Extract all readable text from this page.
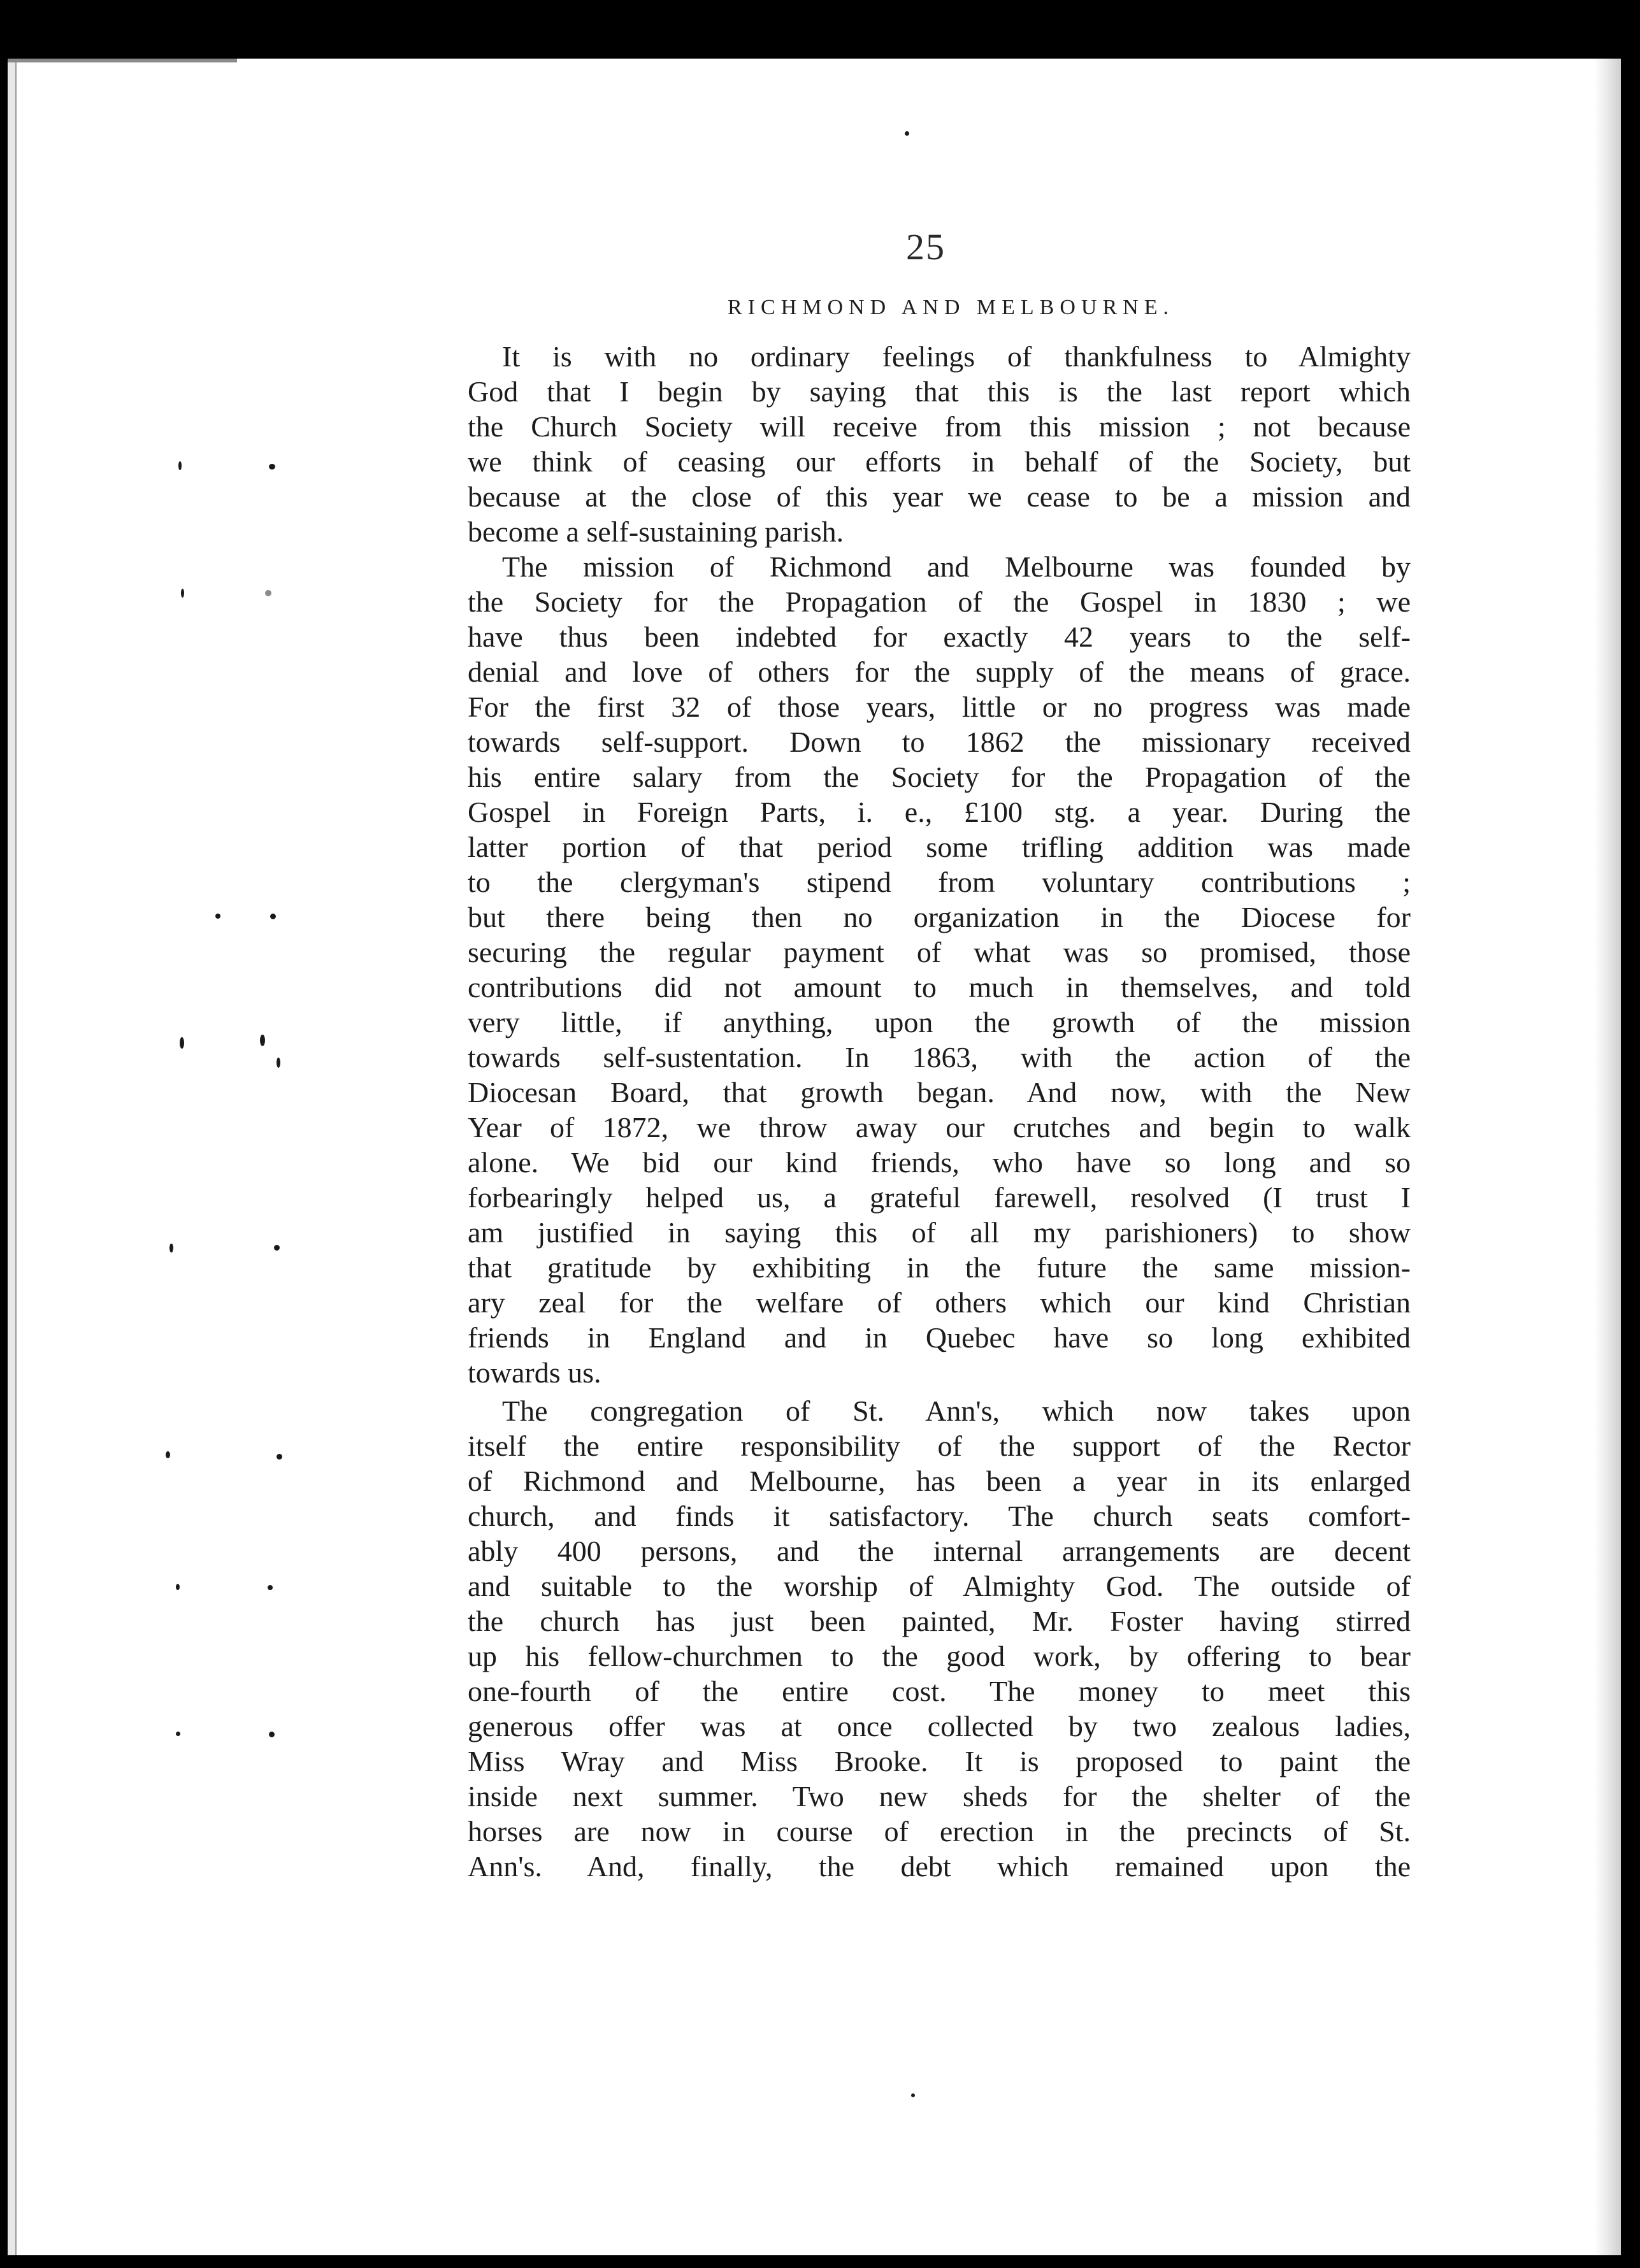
25
RICHMOND AND MELBOURNE.
It is with no ordinary feelings of thankfulness to Almighty
God that I begin by saying that this is the last report which
the Church Society will receive from this mission ; not because
we think of ceasing our efforts in behalf of the Society, but
because at the close of this year we cease to be a mission and
become a self-sustaining parish.
The mission of Richmond and Melbourne was founded by
the Society for the Propagation of the Gospel in 1830 ; we
have thus been indebted for exactly 42 years to the self-
denial and love of others for the supply of the means of grace.
For the first 32 of those years, little or no progress was made
towards self-support. Down to 1862 the missionary received
his entire salary from the Society for the Propagation of the
Gospel in Foreign Parts, i. e., £100 stg. a year. During the
latter portion of that period some trifling addition was made
to the clergyman's stipend from voluntary contributions ;
but there being then no organization in the Diocese for
securing the regular payment of what was so promised, those
contributions did not amount to much in themselves, and told
very little, if anything, upon the growth of the mission
towards self-sustentation. In 1863, with the action of the
Diocesan Board, that growth began. And now, with the New
Year of 1872, we throw away our crutches and begin to walk
alone. We bid our kind friends, who have so long and so
forbearingly helped us, a grateful farewell, resolved (I trust I
am justified in saying this of all my parishioners) to show
that gratitude by exhibiting in the future the same mission-
ary zeal for the welfare of others which our kind Christian
friends in England and in Quebec have so long exhibited
towards us.
The congregation of St. Ann's, which now takes upon
itself the entire responsibility of the support of the Rector
of Richmond and Melbourne, has been a year in its enlarged
church, and finds it satisfactory. The church seats comfort-
ably 400 persons, and the internal arrangements are decent
and suitable to the worship of Almighty God. The outside of
the church has just been painted, Mr. Foster having stirred
up his fellow-churchmen to the good work, by offering to bear
one-fourth of the entire cost. The money to meet this
generous offer was at once collected by two zealous ladies,
Miss Wray and Miss Brooke. It is proposed to paint the
inside next summer. Two new sheds for the shelter of the
horses are now in course of erection in the precincts of St.
Ann's. And, finally, the debt which remained upon the
